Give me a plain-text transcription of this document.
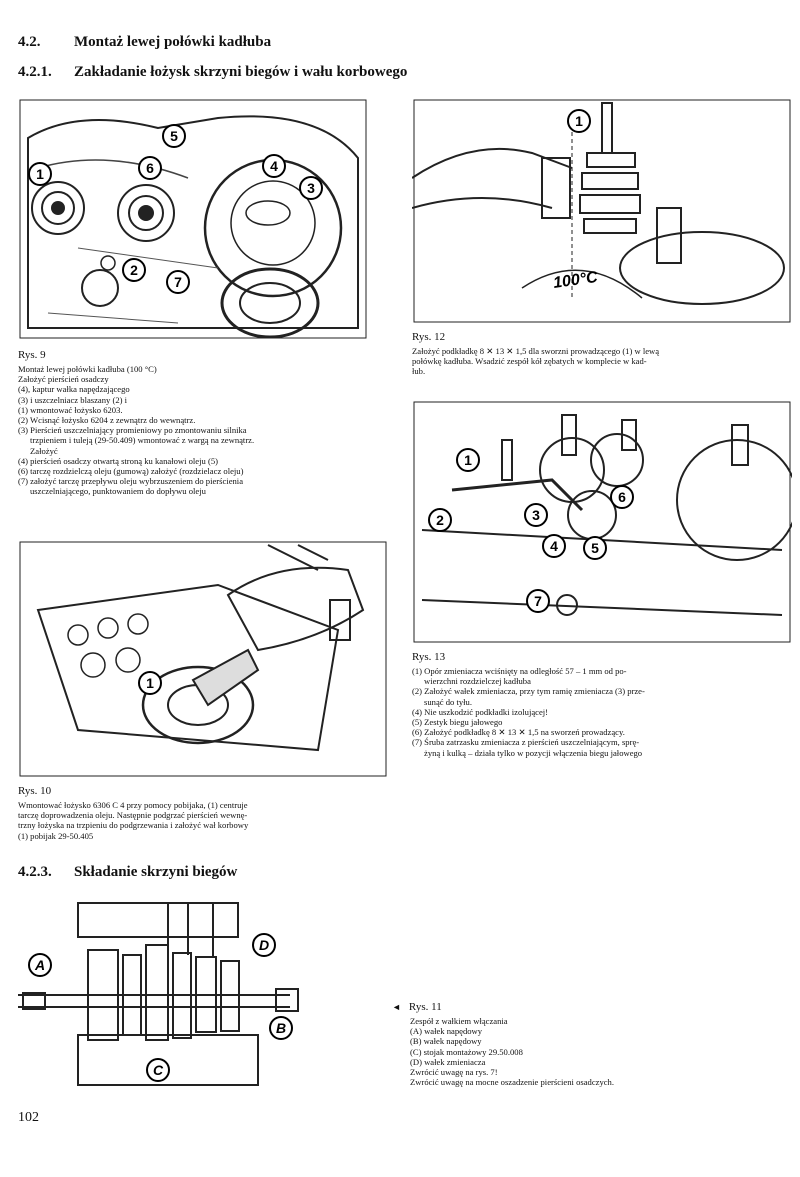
4.2. Montaż lewej połówki kadłuba
4.2.1. Zakładanie łożysk skrzyni biegów i wału korbowego
1
2
3
4
5
6
7	100°C
1
Rys. 9
Montaż lewej połówki kadłuba (100 °C)
Założyć pierścień osadczy
(4), kaptur wałka napędzającego
(3) i uszczelniacz blaszany (2) i
(1) wmontować łożysko 6203.
(2) Wcisnąć łożysko 6204 z zewnątrz do wewnątrz.
(3) Pierścień uszczelniający promieniowy po zmontowaniu silnika
trzpieniem i tuleją (29-50.409) wmontować z wargą na zewnątrz.
Założyć
(4) pierścień osadczy otwartą stroną ku kanałowi oleju (5)
(6) tarczę rozdzielczą oleju (gumową) założyć (rozdzielacz oleju)
(7) założyć tarczę przepływu oleju wybrzuszeniem do pierścienia
uszczelniającego, punktowaniem do dopływu oleju
Rys. 12
Założyć podkładkę 8 ✕ 13 ✕ 1,5 dla sworzni prowadzącego (1) w lewą
połówkę kadłuba. Wsadzić zespół kół zębatych w komplecie w kad-
łub.
1
2	3
4 5
6
7
1
Rys. 13
(1) Opór zmieniacza wciśnięty na odległość 57 – 1 mm od po-
wierzchni rozdzielczej kadłuba
(2) Założyć wałek zmieniacza, przy tym ramię zmieniacza (3) prze-
sunąć do tyłu.
(4) Nie uszkodzić podkładki izolującej!
(5) Zestyk biegu jałowego
(6) Założyć podkładkę 8 ✕ 13 ✕ 1,5 na sworzeń prowadzący.
(7) Śruba zatrzasku zmieniacza z pierścień uszczelniającym, sprę-
żyną i kulką – działa tylko w pozycji włączenia biegu jałowego
Rys. 10
Wmontować łożysko 6306 C 4 przy pomocy pobijaka, (1) centruje
tarczę doprowadzenia oleju. Następnie podgrzać pierścień wewnę-
trzny łożyska na trzpieniu do podgrzewania i założyć wał korbowy
(1) pobijak 29-50.405
4.2.3. Składanie skrzyni biegów
A
B
C
D
◄ Rys. 11
Zespół z wałkiem włączania
(A) wałek napędowy
(B) wałek napędowy
(C) stojak montażowy 29.50.008
(D) wałek zmieniacza
Zwrócić uwagę na rys. 7!
Zwrócić uwagę na mocne oszadzenie pierścieni osadczych.
102
